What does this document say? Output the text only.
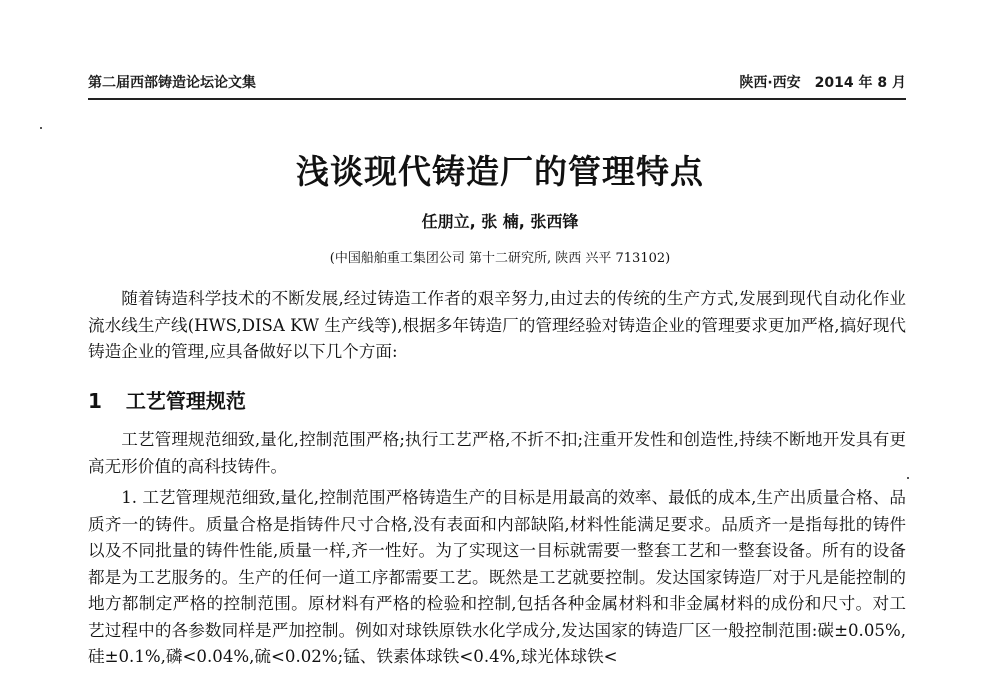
第二届西部铸造论坛论文集	陕西·西安　2014 年 8 月
浅谈现代铸造厂的管理特点
任朋立, 张 楠, 张西锋
(中国船舶重工集团公司 第十二研究所, 陕西 兴平 713102)

随着铸造科学技术的不断发展,经过铸造工作者的艰辛努力,由过去的传统的生产方式,发展到现代自动化作业流水线生产线(HWS,DISA KW 生产线等),根据多年铸造厂的管理经验对铸造企业的管理要求更加严格,搞好现代铸造企业的管理,应具备做好以下几个方面:

1 工艺管理规范

工艺管理规范细致,量化,控制范围严格;执行工艺严格,不折不扣;注重开发性和创造性,持续不断地开发具有更高无形价值的高科技铸件。

1. 工艺管理规范细致,量化,控制范围严格铸造生产的目标是用最高的效率、最低的成本,生产出质量合格、品质齐一的铸件。质量合格是指铸件尺寸合格,没有表面和内部缺陷,材料性能满足要求。品质齐一是指每批的铸件以及不同批量的铸件性能,质量一样,齐一性好。为了实现这一目标就需要一整套工艺和一整套设备。所有的设备都是为工艺服务的。生产的任何一道工序都需要工艺。既然是工艺就要控制。发达国家铸造厂对于凡是能控制的地方都制定严格的控制范围。原材料有严格的检验和控制,包括各种金属材料和非金属材料的成份和尺寸。对工艺过程中的各参数同样是严加控制。例如对球铁原铁水化学成分,发达国家的铸造厂区一般控制范围:碳±0.05%,硅±0.1%,磷<0.04%,硫<0.02%;锰、铁素体球铁<0.4%,球光体球铁<
